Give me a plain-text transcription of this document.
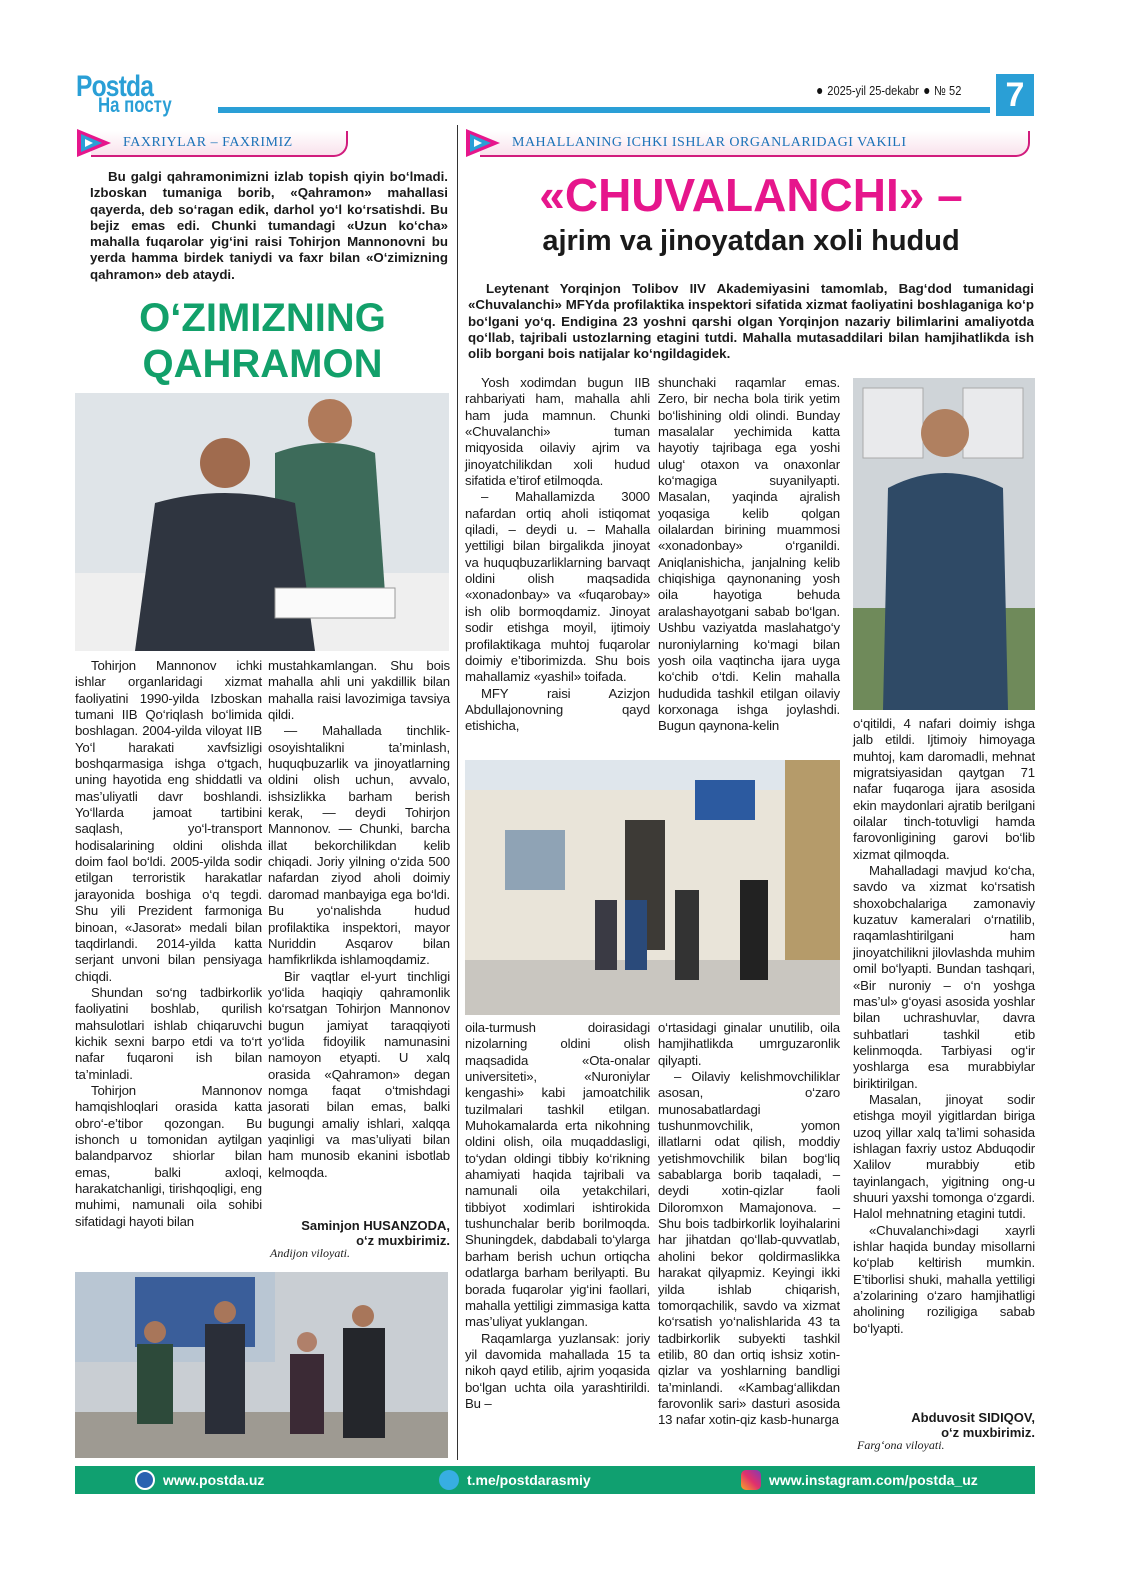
Postda
На посту
2025-yil 25-dekabr № 52 7
FAXRIYLAR – FAXRIMIZ	MAHALLANING ICHKI ISHLAR ORGANLARIDAGI VAKILI

Bu galgi qahramonimizni izlab topish qiyin bo‘lmadi. Izboskan tumaniga borib, «Qahramon» mahallasi qayerda, deb so‘ragan edik, darhol yo‘l ko‘rsatishdi. Bu bejiz emas edi. Chunki tumandagi «Uzun ko‘cha» mahalla fuqarolar yig‘ini raisi Tohirjon Mannonovni bu yerda hamma birdek taniydi va faxr bilan «O‘zimizning qahramon» deb ataydi.

O‘ZIMIZNING
QAHRAMON

Tohirjon Mannonov ichki ishlar organlaridagi xizmat faoliyatini 1990-yilda Izboskan tumani IIB Qo‘riqlash bo‘limida boshlagan. 2004-yilda viloyat IIB Yo‘l harakati xavfsizligi boshqarmasiga ishga o‘tgach, uning hayotida eng shiddatli va mas’uliyatli davr boshlandi. Yo‘llarda jamoat tartibini saqlash, yo‘l-transport hodisalarining oldini olishda doim faol bo‘ldi. 2005-yilda sodir etilgan terroristik harakatlar jarayonida boshiga o‘q tegdi. Shu yili Prezident farmoniga binoan, «Jasorat» medali bilan taqdirlandi. 2014-yilda katta serjant unvoni bilan pensiyaga chiqdi.

Shundan so‘ng tadbirkorlik faoliyatini boshlab, qurilish mahsulotlari ishlab chiqaruvchi kichik sexni barpo etdi va to‘rt nafar fuqaroni ish bilan ta’minladi.

Tohirjon Mannonov hamqishloqlari orasida katta obro‘-e’tibor qozongan. Bu ishonch u tomonidan aytilgan balandparvoz shiorlar bilan emas, balki axloqi, harakatchanligi, tirishqoqligi, eng muhimi, namunali oila sohibi sifatidagi hayoti bilan

mustahkamlangan. Shu bois mahalla ahli uni yakdillik bilan mahalla raisi lavozimiga tavsiya qildi.

— Mahallada tinchlik-osoyishtalikni ta’minlash, huquqbuzarlik va jinoyatlarning oldini olish uchun, avvalo, ishsizlikka barham berish kerak, — deydi Tohirjon Mannonov. — Chunki, barcha illat bekorchilikdan kelib chiqadi. Joriy yilning o‘zida 500 nafardan ziyod aholi doimiy daromad manbayiga ega bo‘ldi. Bu yo‘nalishda hudud profilaktika inspektori, mayor Nuriddin Asqarov bilan hamfikrlikda ishlamoqdamiz.

Bir vaqtlar el-yurt tinchligi yo‘lida haqiqiy qahramonlik ko‘rsatgan Tohirjon Mannonov bugun jamiyat taraqqiyoti yo‘lida fidoyilik namunasini namoyon etyapti. U xalq orasida «Qahramon» degan nomga faqat o‘tmishdagi jasorati bilan emas, balki bugungi amaliy ishlari, xalqqa yaqinligi va mas’uliyati bilan ham munosib ekanini isbotlab kelmoqda.

Saminjon HUSANZODA,
o‘z muxbirimiz.
Andijon viloyati.
«CHUVALANCHI» –
ajrim va jinoyatdan xoli hudud

Leytenant Yorqinjon Tolibov IIV Akademiyasini tamomlab, Bag‘dod tumanidagi «Chuvalanchi» MFYda profilaktika inspektori sifatida xizmat faoliyatini boshlaganiga ko‘p bo‘lgani yo‘q. Endigina 23 yoshni qarshi olgan Yorqinjon nazariy bilimlarini amaliyotda qo‘llab, tajribali ustozlarning etagini tutdi. Mahalla mutasaddilari bilan hamjihatlikda ish olib borgani bois natijalar ko‘ngildagidek.

Yosh xodimdan bugun IIB rahbariyati ham, mahalla ahli ham juda mamnun. Chunki «Chuvalanchi» tuman miqyosida oilaviy ajrim va jinoyatchilikdan xoli hudud sifatida e’tirof etilmoqda.

– Mahallamizda 3000 nafardan ortiq aholi istiqomat qiladi, – deydi u. – Mahalla yettiligi bilan birgalikda jinoyat va huquqbuzarliklarning barvaqt oldini olish maqsadida «xonadonbay» va «fuqarobay» ish olib bormoqdamiz. Jinoyat sodir etishga moyil, ijtimoiy profilaktikaga muhtoj fuqarolar doimiy e’tiborimizda. Shu bois mahallamiz «yashil» toifada.

MFY raisi Azizjon Abdullajonovning qayd etishicha,

shunchaki raqamlar emas. Zero, bir necha bola tirik yetim bo‘lishining oldi olindi. Bunday masalalar yechimida katta hayotiy tajribaga ega yoshi ulug‘ otaxon va onaxonlar ko‘magiga suyanilyapti. Masalan, yaqinda ajralish yoqasiga kelib qolgan oilalardan birining muammosi «xonadonbay» o‘rganildi. Aniqlanishicha, janjalning kelib chiqishiga qaynonaning yosh oila hayotiga behuda aralashayotgani sabab bo‘lgan. Ushbu vaziyatda maslahatgo‘y nuroniylarning ko‘magi bilan yosh oila vaqtincha ijara uyga ko‘chib o‘tdi. Kelin mahalla hududida tashkil etilgan oilaviy korxonaga ishga joylashdi. Bugun qaynona-kelin

oila-turmush doirasidagi nizolarning oldini olish maqsadida «Ota-onalar universiteti», «Nuroniylar kengashi» kabi jamoatchilik tuzilmalari tashkil etilgan. Muhokamalarda erta nikohning oldini olish, oila muqaddasligi, to‘ydan oldingi tibbiy ko‘rikning ahamiyati haqida tajribali va namunali oila yetakchilari, tibbiyot xodimlari ishtirokida tushunchalar berib borilmoqda. Shuningdek, dabdabali to‘ylarga barham berish uchun ortiqcha odatlarga barham berilyapti. Bu borada fuqarolar yig‘ini faollari, mahalla yettiligi zimmasiga katta mas’uliyat yuklangan.

Raqamlarga yuzlansak: joriy yil davomida mahallada 15 ta nikoh qayd etilib, ajrim yoqasida bo‘lgan uchta oila yarashtirildi. Bu –

o‘rtasidagi ginalar unutilib, oila hamjihatlikda umrguzaronlik qilyapti.

– Oilaviy kelishmovchiliklar asosan, o‘zaro munosabatlardagi tushunmovchilik, yomon illatlarni odat qilish, moddiy yetishmovchilik bilan bog‘liq sabablarga borib taqaladi, – deydi xotin-qizlar faoli Diloromxon Mamajonova. – Shu bois tadbirkorlik loyihalarini har jihatdan qo‘llab-quvvatlab, aholini bekor qoldirmaslikka harakat qilyapmiz. Keyingi ikki yilda ishlab chiqarish, tomorqachilik, savdo va xizmat ko‘rsatish yo‘nalishlarida 43 ta tadbirkorlik subyekti tashkil etilib, 80 dan ortiq ishsiz xotin-qizlar va yoshlarning bandligi ta’minlandi. «Kambag‘allikdan farovonlik sari» dasturi asosida 13 nafar xotin-qiz kasb-hunarga

o‘qitildi, 4 nafari doimiy ishga jalb etildi. Ijtimoiy himoyaga muhtoj, kam daromadli, mehnat migratsiyasidan qaytgan 71 nafar fuqaroga ijara asosida ekin maydonlari ajratib berilgani oilalar tinch-totuvligi hamda farovonligining garovi bo‘lib xizmat qilmoqda.

Mahalladagi mavjud ko‘cha, savdo va xizmat ko‘rsatish shoxobchalariga zamonaviy kuzatuv kameralari o‘rnatilib, raqamlashtirilgani ham jinoyatchilikni jilovlashda muhim omil bo‘lyapti. Bundan tashqari, «Bir nuroniy – o‘n yoshga mas’ul» g‘oyasi asosida yoshlar bilan uchrashuvlar, davra suhbatlari tashkil etib kelinmoqda. Tarbiyasi og‘ir yoshlarga esa murabbiylar biriktirilgan.

Masalan, jinoyat sodir etishga moyil yigitlardan biriga uzoq yillar xalq ta’limi sohasida ishlagan faxriy ustoz Abduqodir Xalilov murabbiy etib tayinlangach, yigitning ong-u shuuri yaxshi tomonga o‘zgardi. Halol mehnatning etagini tutdi.

«Chuvalanchi»dagi xayrli ishlar haqida bunday misollarni ko‘plab keltirish mumkin. E’tiborlisi shuki, mahalla yettiligi a’zolarining o‘zaro hamjihatligi aholining roziligiga sabab bo‘lyapti.

Abduvosit SIDIQOV,
o‘z muxbirimiz.
Farg‘ona viloyati.
www.postda.uz	t.me/postdarasmiy	www.instagram.com/postda_uz
